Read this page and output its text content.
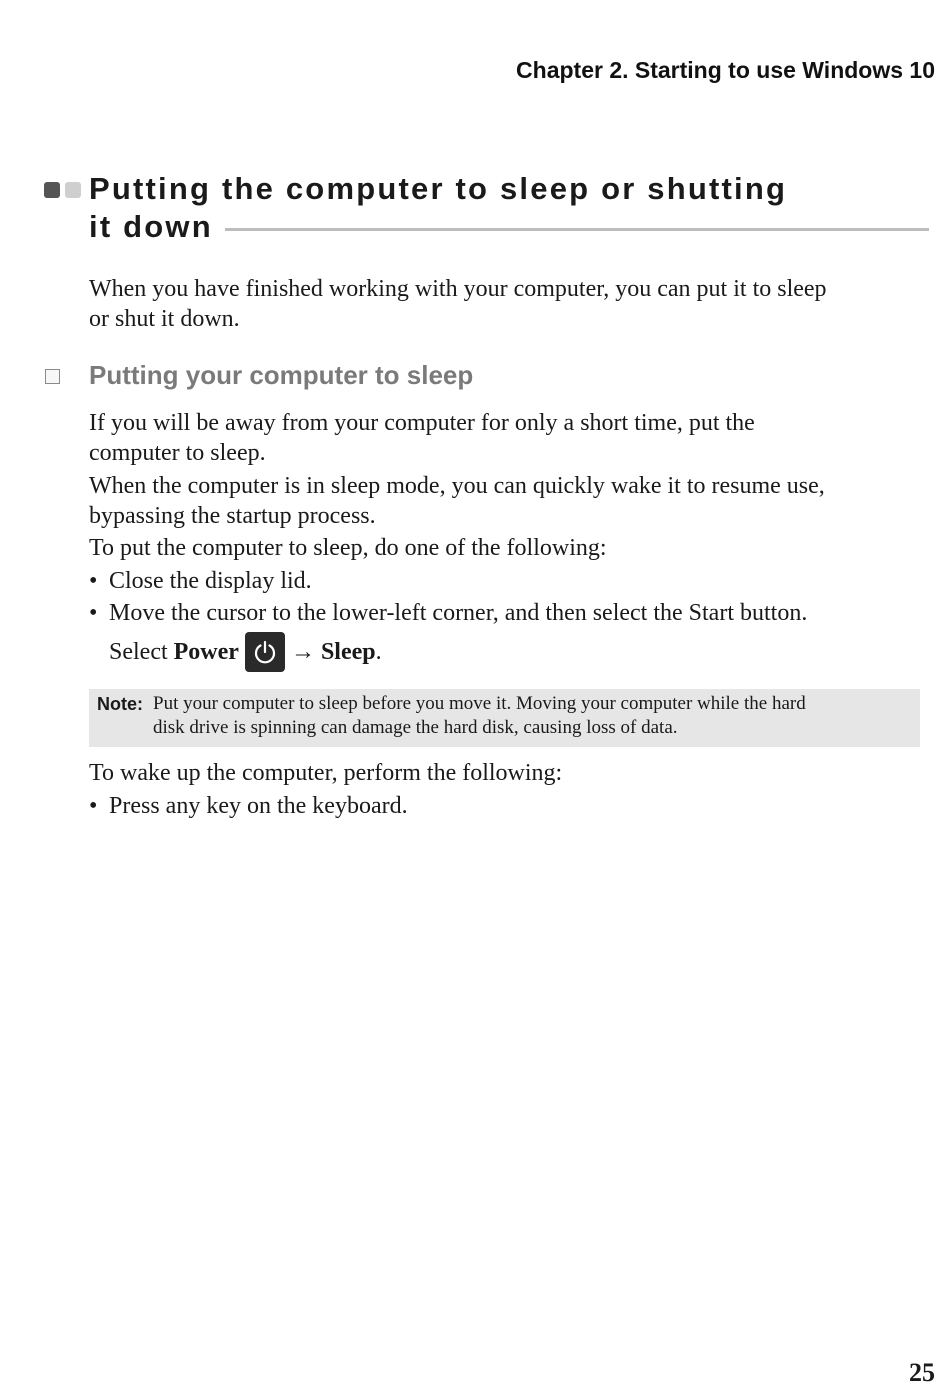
Chapter 2. Starting to use Windows 10
Putting the computer to sleep or shutting
it down

When you have finished working with your computer, you can put it to sleep
or shut it down.

Putting your computer to sleep

If you will be away from your computer for only a short time, put the
computer to sleep.

When the computer is in sleep mode, you can quickly wake it to resume use,
bypassing the startup process.

To put the computer to sleep, do one of the following:

• Close the display lid.
• Move the cursor to the lower-left corner, and then select the Start button.
Select
Power →
Sleep .
Note: Put your computer to sleep before you move it. Moving your computer while the hard
disk drive is spinning can damage the hard disk, causing loss of data.

To wake up the computer, perform the following:

• Press any key on the keyboard.
25
